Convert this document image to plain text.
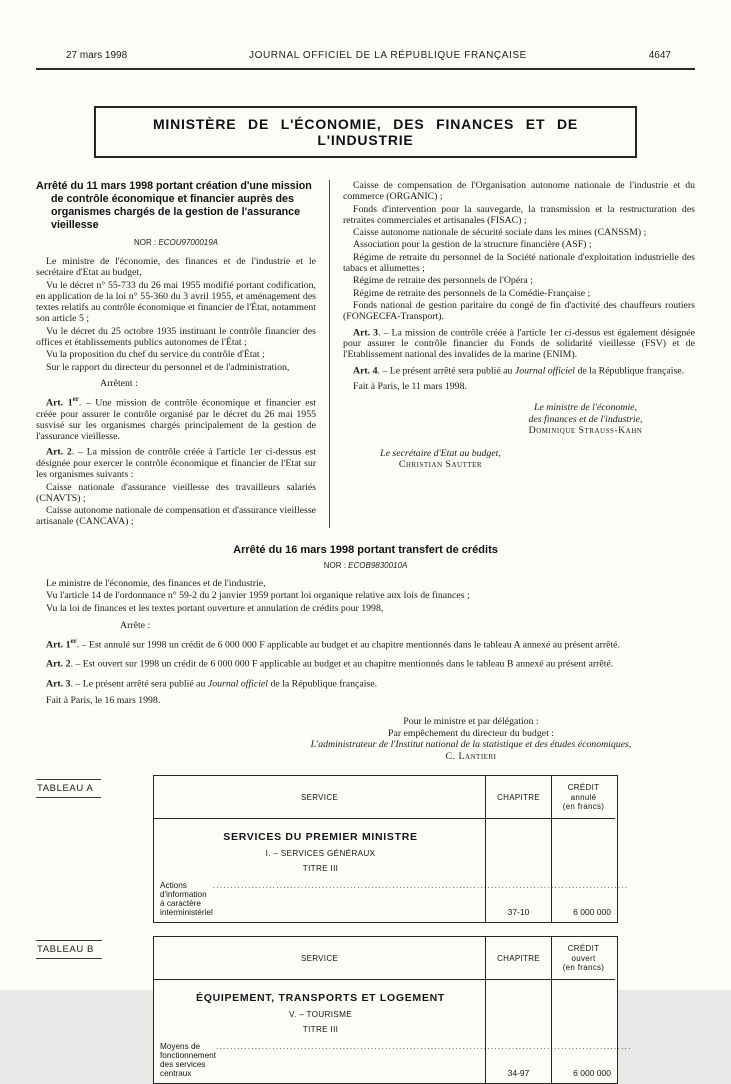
27 mars 1998	JOURNAL OFFICIEL DE LA RÉPUBLIQUE FRANÇAISE	4647
MINISTÈRE DE L'ÉCONOMIE, DES FINANCES ET DE L'INDUSTRIE
Arrêté du 11 mars 1998 portant création d'une mission de contrôle économique et financier auprès des organismes chargés de la gestion de l'assurance vieillesse
NOR : ECOU9700019A

Le ministre de l'économie, des finances et de l'industrie et le secrétaire d'Etat au budget,

Vu le décret n° 55-733 du 26 mai 1955 modifié portant codification, en application de la loi n° 55-360 du 3 avril 1955, et aménagement des textes relatifs au contrôle économique et financier de l'État, notamment son article 5 ;

Vu le décret du 25 octobre 1935 instituant le contrôle financier des offices et établissements publics autonomes de l'État ;

Vu la proposition du chef du service du contrôle d'État ;

Sur le rapport du directeur du personnel et de l'administration,

Arrêtent :

Art. 1er. – Une mission de contrôle économique et financier est créée pour assurer le contrôle organisé par le décret du 26 mai 1955 susvisé sur les organismes chargés principalement de la gestion de l'assurance vieillesse.

Art. 2. – La mission de contrôle créée à l'article 1er ci-dessus est désignée pour exercer le contrôle économique et financier de l'Etat sur les organismes suivants :

Caisse nationale d'assurance vieillesse des travailleurs salariés (CNAVTS) ;

Caisse autonome nationale de compensation et d'assurance vieillesse artisanale (CANCAVA) ;

Caisse de compensation de l'Organisation autonome nationale de l'industrie et du commerce (ORGANIC) ;

Fonds d'intervention pour la sauvegarde, la transmission et la restructuration des retraites commerciales et artisanales (FISAC) ;

Caisse autonome nationale de sécurité sociale dans les mines (CANSSM) ;

Association pour la gestion de la structure financière (ASF) ;

Régime de retraite du personnel de la Société nationale d'exploitation industrielle des tabacs et allumettes ;

Régime de retraite des personnels de l'Opéra ;

Régime de retraite des personnels de la Comédie-Française ;

Fonds national de gestion paritaire du congé de fin d'activité des chauffeurs routiers (FONGECFA-Transport).

Art. 3. – La mission de contrôle créée à l'article 1er ci-dessus est également désignée pour assurer le contrôle financier du Fonds de solidarité vieillesse (FSV) et de l'Etablissement national des invalides de la marine (ENIM).

Art. 4. – Le présent arrêté sera publié au Journal officiel de la République française.

Fait à Paris, le 11 mars 1998.

Le ministre de l'économie,
des finances et de l'industrie,
Dominique Strauss-Kahn
Le secrétaire d'Etat au budget,
Christian Sautter
Arrêté du 16 mars 1998 portant transfert de crédits
NOR : ECOB9830010A

Le ministre de l'économie, des finances et de l'industrie,

Vu l'article 14 de l'ordonnance n° 59-2 du 2 janvier 1959 portant loi organique relative aux lois de finances ;

Vu la loi de finances et les textes portant ouverture et annulation de crédits pour 1998,

Arrête :

Art. 1er. – Est annulé sur 1998 un crédit de 6 000 000 F applicable au budget et au chapitre mentionnés dans le tableau A annexé au présent arrêté.

Art. 2. – Est ouvert sur 1998 un crédit de 6 000 000 F applicable au budget et au chapitre mentionnés dans le tableau B annexé au présent arrêté.

Art. 3. – Le présent arrêté sera publié au Journal officiel de la République française.

Fait à Paris, le 16 mars 1998.

Pour le ministre et par délégation :
Par empêchement du directeur du budget :
L'administrateur de l'Institut national de la statistique et des études économiques,
C. Lantieri
TABLEAU A
SERVICE	CHAPITRE
CRÉDIT
annulé
(en francs)
SERVICES DU PREMIER MINISTRE
I. – SERVICES GÉNÉRAUX
TITRE III
Actions d'information à caractère interministériel
.....	37-10	6 000 000
TABLEAU B
SERVICE	CHAPITRE
CRÉDIT
ouvert
(en francs)
ÉQUIPEMENT, TRANSPORTS ET LOGEMENT
V. – TOURISME
TITRE III
Moyens de fonctionnement des services centraux
.....	34-97	6 000 000
